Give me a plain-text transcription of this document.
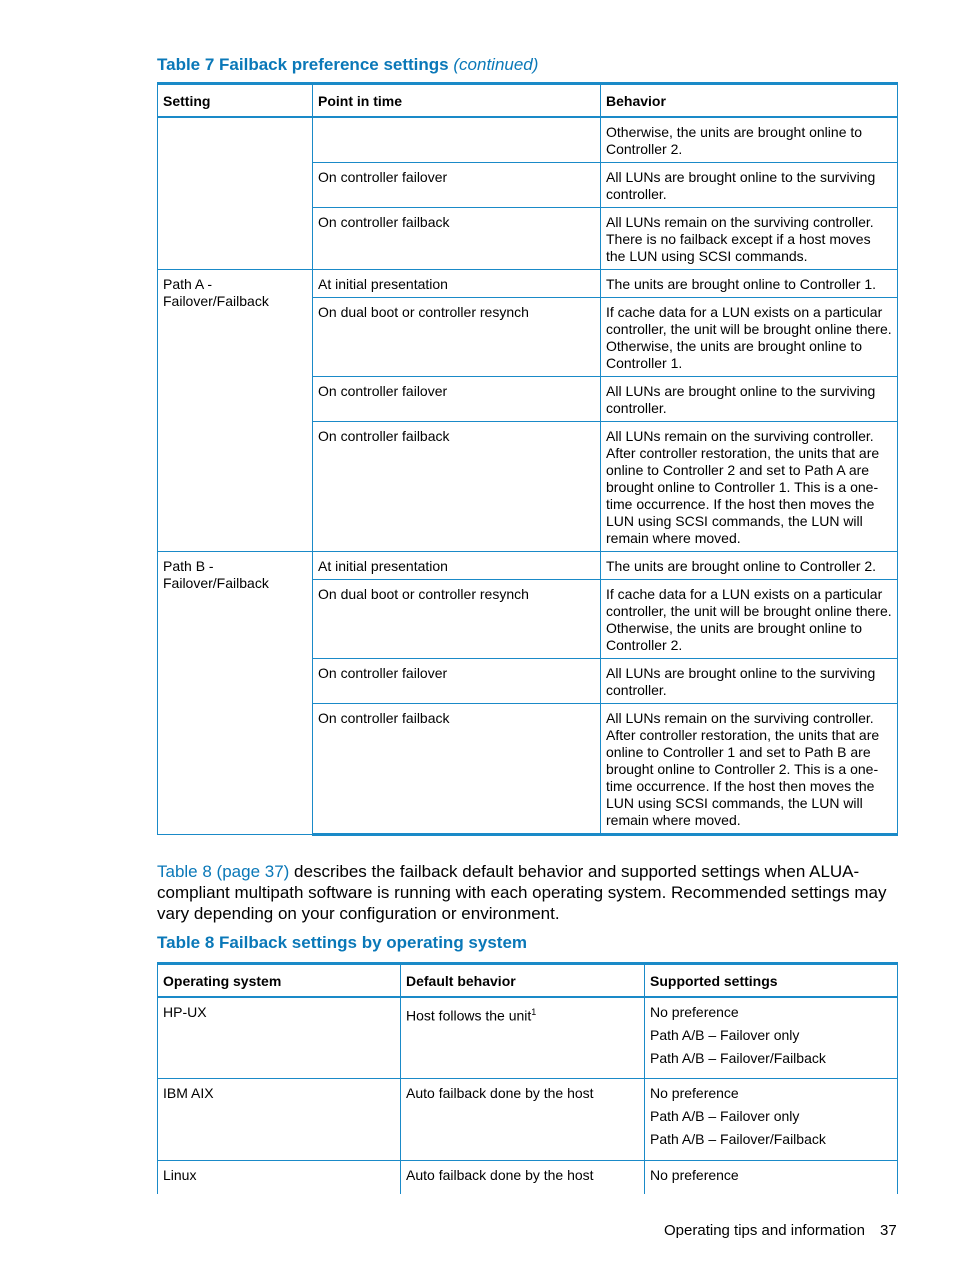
Table 7 Failback preference settings (continued)
Setting	Point in time	Behavior
		Otherwise, the units are brought online to Controller 2.
	On controller failover	All LUNs are brought online to the surviving controller.
	On controller failback	All LUNs remain on the surviving controller. There is no failback except if a host moves the LUN using SCSI commands.
Path A - Failover/Failback	At initial presentation	The units are brought online to Controller 1.
	On dual boot or controller resynch	If cache data for a LUN exists on a particular controller, the unit will be brought online there. Otherwise, the units are brought online to Controller 1.
	On controller failover	All LUNs are brought online to the surviving controller.
	On controller failback	All LUNs remain on the surviving controller. After controller restoration, the units that are online to Controller 2 and set to Path A are brought online to Controller 1. This is a one-time occurrence. If the host then moves the LUN using SCSI commands, the LUN will remain where moved.
Path B - Failover/Failback	At initial presentation	The units are brought online to Controller 2.
	On dual boot or controller resynch	If cache data for a LUN exists on a particular controller, the unit will be brought online there. Otherwise, the units are brought online to Controller 2.
	On controller failover	All LUNs are brought online to the surviving controller.
	On controller failback	All LUNs remain on the surviving controller. After controller restoration, the units that are online to Controller 1 and set to Path B are brought online to Controller 2. This is a one-time occurrence. If the host then moves the LUN using SCSI commands, the LUN will remain where moved.
Table 8 (page 37) describes the failback default behavior and supported settings when ALUA-compliant multipath software is running with each operating system. Recommended settings may vary depending on your configuration or environment.
Table 8 Failback settings by operating system
Operating system	Default behavior	Supported settings
HP-UX	Host follows the unit$^1$	No preference
Path A/B – Failover only
Path A/B – Failover/Failback

IBM AIX	Auto failback done by the host	No preference
Path A/B – Failover only
Path A/B – Failover/Failback

Linux	Auto failback done by the host	No preference
Operating tips and information 37
